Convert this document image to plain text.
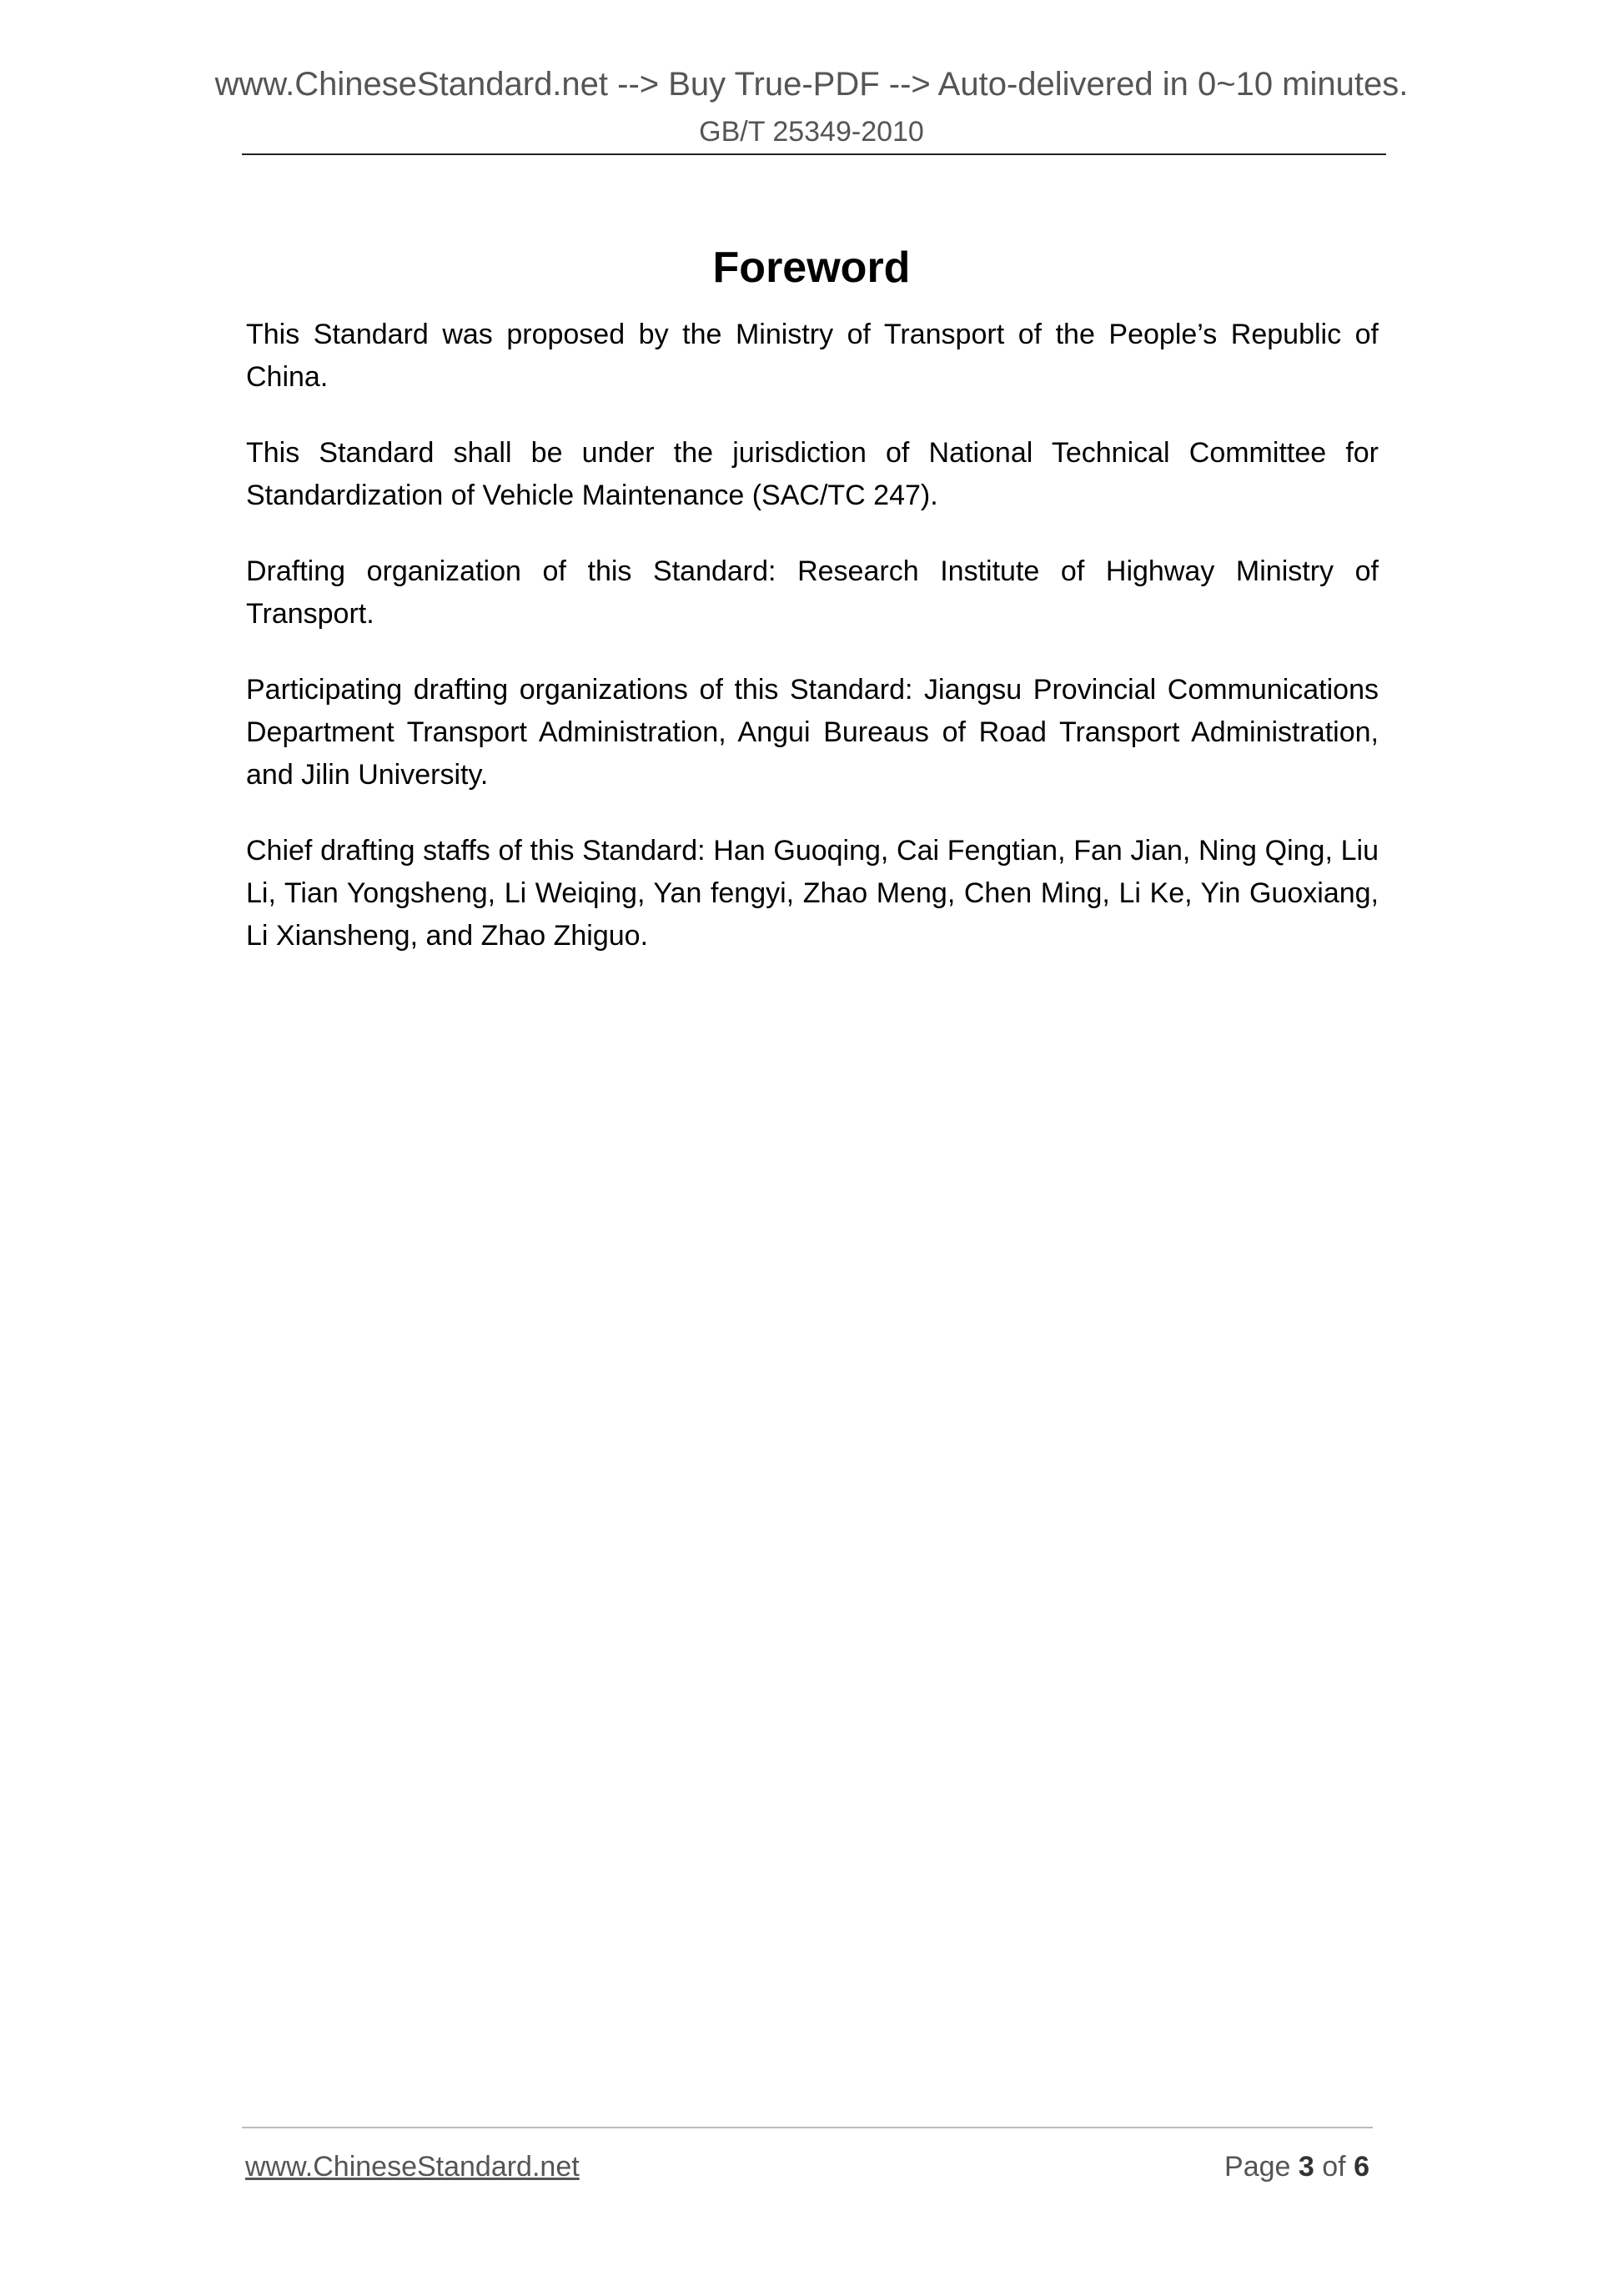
www.ChineseStandard.net --> Buy True-PDF --> Auto-delivered in 0~10 minutes.
GB/T 25349-2010
Foreword

This Standard was proposed by the Ministry of Transport of the People’s Republic of China.

This Standard shall be under the jurisdiction of National Technical Committee for Standardization of Vehicle Maintenance (SAC/TC 247).

Drafting organization of this Standard: Research Institute of Highway Ministry of Transport.

Participating drafting organizations of this Standard: Jiangsu Provincial Communications Department Transport Administration, Angui Bureaus of Road Transport Administration, and Jilin University.

Chief drafting staffs of this Standard: Han Guoqing, Cai Fengtian, Fan Jian, Ning Qing, Liu Li, Tian Yongsheng, Li Weiqing, Yan fengyi, Zhao Meng, Chen Ming, Li Ke, Yin Guoxiang, Li Xiansheng, and Zhao Zhiguo.

www.ChineseStandard.net	Page 3 of 6
